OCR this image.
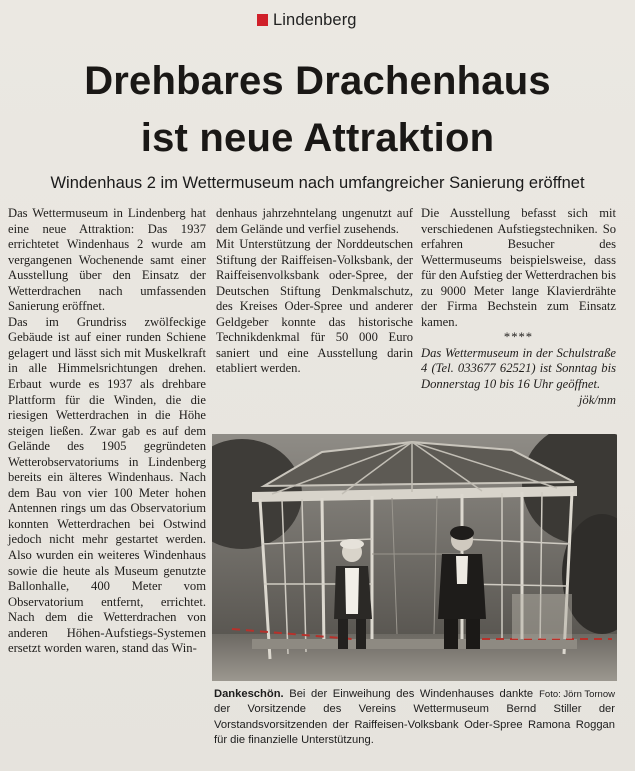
Lindenberg
Drehbares Drachenhaus
ist neue Attraktion
Windenhaus 2 im Wettermuseum nach umfangreicher Sanierung eröffnet

Das Wettermuseum in Lindenberg hat eine neue Attraktion: Das 1937 errichtetet Windenhaus 2 wurde am vergangenen Wochenende samt einer Ausstellung über den Einsatz der Wetterdrachen nach umfassenden Sanierung eröffnet.

Das im Grundriss zwölfeckige Gebäude ist auf einer runden Schiene gelagert und lässt sich mit Muskelkraft in alle Himmelsrichtungen drehen. Erbaut wurde es 1937 als drehbare Plattform für die Winden, die die riesigen Wetterdrachen in die Höhe steigen ließen. Zwar gab es auf dem Gelände des 1905 gegründeten Wetterobservatoriums in Lindenberg bereits ein älteres Windenhaus. Nach dem Bau von vier 100 Meter hohen Antennen rings um das Observatorium konnten Wetterdrachen bei Ostwind jedoch nicht mehr gestartet werden. Also wurden ein weiteres Windenhaus sowie die heute als Museum genutzte Ballonhalle, 400 Meter vom Observatorium entfernt, errichtet. Nach dem die Wetterdrachen von anderen Höhen-Aufstiegs-Systemen ersetzt worden waren, stand das Win-

denhaus jahrzehntelang ungenutzt auf dem Gelände und verfiel zusehends.

Mit Unterstützung der Norddeutschen Stiftung der Raiffeisen-Volksbank, der Raiffeisenvolksbank oder-Spree, der Deutschen Stiftung Denkmalschutz, des Kreises Oder-Spree und anderer Geldgeber konnte das historische Technikdenkmal für 50 000 Euro saniert und eine Ausstellung darin etabliert werden.

Die Ausstellung befasst sich mit verschiedenen Aufstiegstechniken. So erfahren Besucher des Wettermuseums beispielsweise, dass für den Aufstieg der Wetterdrachen bis zu 9000 Meter lange Klavierdrähte der Firma Bechstein zum Einsatz kamen.

****

Das Wettermuseum in der Schulstraße 4 (Tel. 033677 62521) ist Sonntag bis Donnerstag 10 bis 16 Uhr geöffnet.

jök/mm

Foto: Jörn Tornow
Dankeschön. Bei der Einweihung des Windenhauses dankte der Vorsitzende des Vereins Wettermuseum Bernd Stiller der Vorstandsvorsitzenden der Raiffeisen-Volksbank Oder-Spree Ramona Roggan für die finanzielle Unterstützung.
